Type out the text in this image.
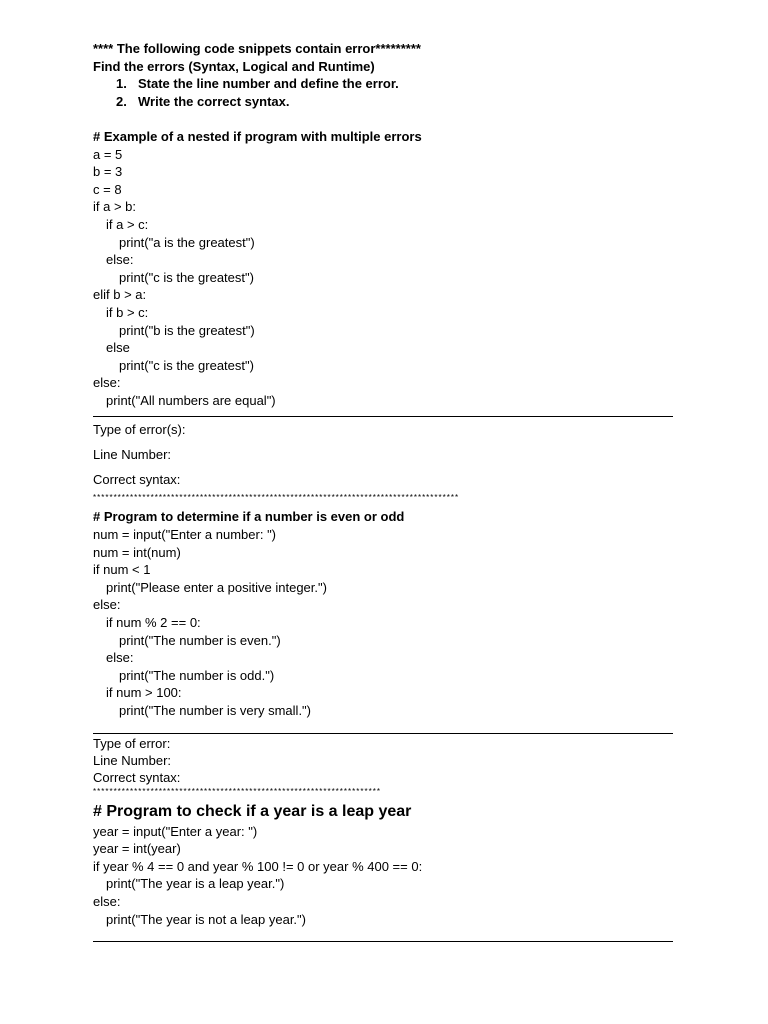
**** The following code snippets contain error*********
Find the errors (Syntax, Logical and Runtime)
1. State the line number and define the error.
2. Write the correct syntax.
# Example of a nested if program with multiple errors
a = 5
b = 3
c = 8
if a > b:
if a > c:
print("a is the greatest")
else:
print("c is the greatest")
elif b > a:
if b > c:
print("b is the greatest")
else
print("c is the greatest")
else:
print("All numbers are equal")
Type of error(s):
Line Number:
Correct syntax:
*****************************************************************************************
# Program to determine if a number is even or odd
num = input("Enter a number: ")
num = int(num)
if num < 1
print("Please enter a positive integer.")
else:
if num % 2 == 0:
print("The number is even.")
else:
print("The number is odd.")
if num > 100:
print("The number is very small.")
Type of error:
Line Number:
Correct syntax:
**********************************************************************
# Program to check if a year is a leap year
year = input("Enter a year: ")
year = int(year)
if year % 4 == 0 and year % 100 != 0 or year % 400 == 0:
print("The year is a leap year.")
else:
print("The year is not a leap year.")
